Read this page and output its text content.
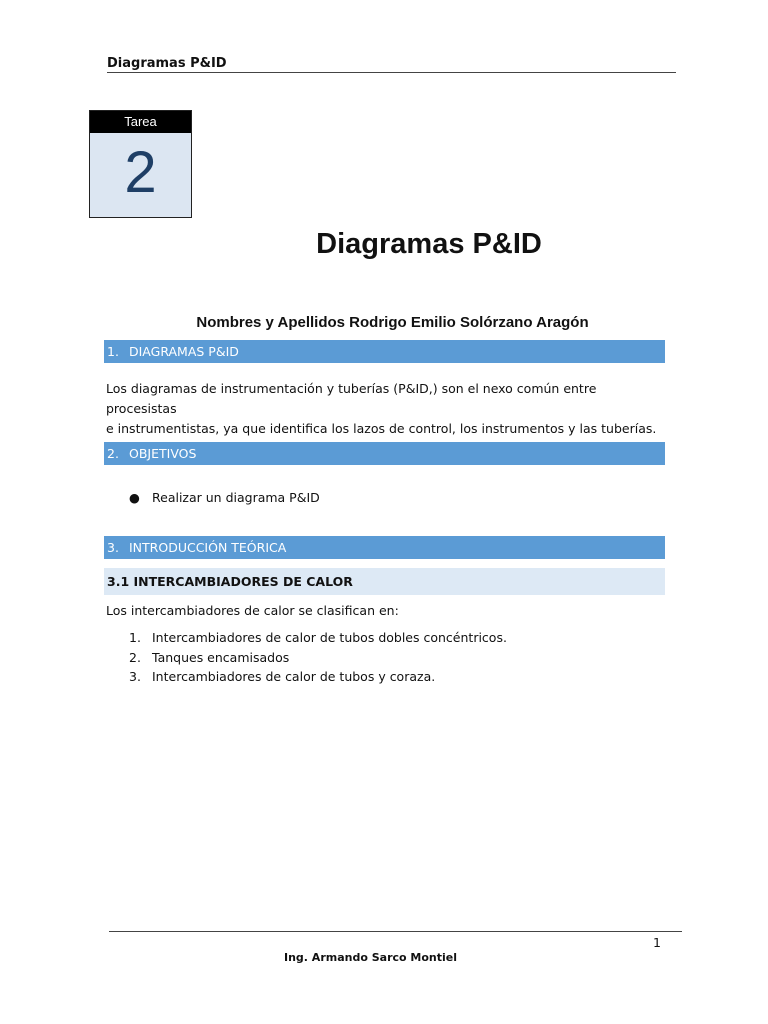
Diagramas P&ID
Tarea
2
Diagramas P&ID
Nombres y Apellidos Rodrigo Emilio Solórzano Aragón
1. DIAGRAMAS P&ID
Los diagramas de instrumentación y tuberías (P&ID,) son el nexo común entre procesistas
e instrumentistas, ya que identifica los lazos de control, los instrumentos y las tuberías.
2. OBJETIVOS
● Realizar un diagrama P&ID
3. INTRODUCCIÓN TEÓRICA
3.1 INTERCAMBIADORES DE CALOR
Los intercambiadores de calor se clasifican en:
1. Intercambiadores de calor de tubos dobles concéntricos.
2. Tanques encamisados
3. Intercambiadores de calor de tubos y coraza.
1
Ing. Armando Sarco Montiel
